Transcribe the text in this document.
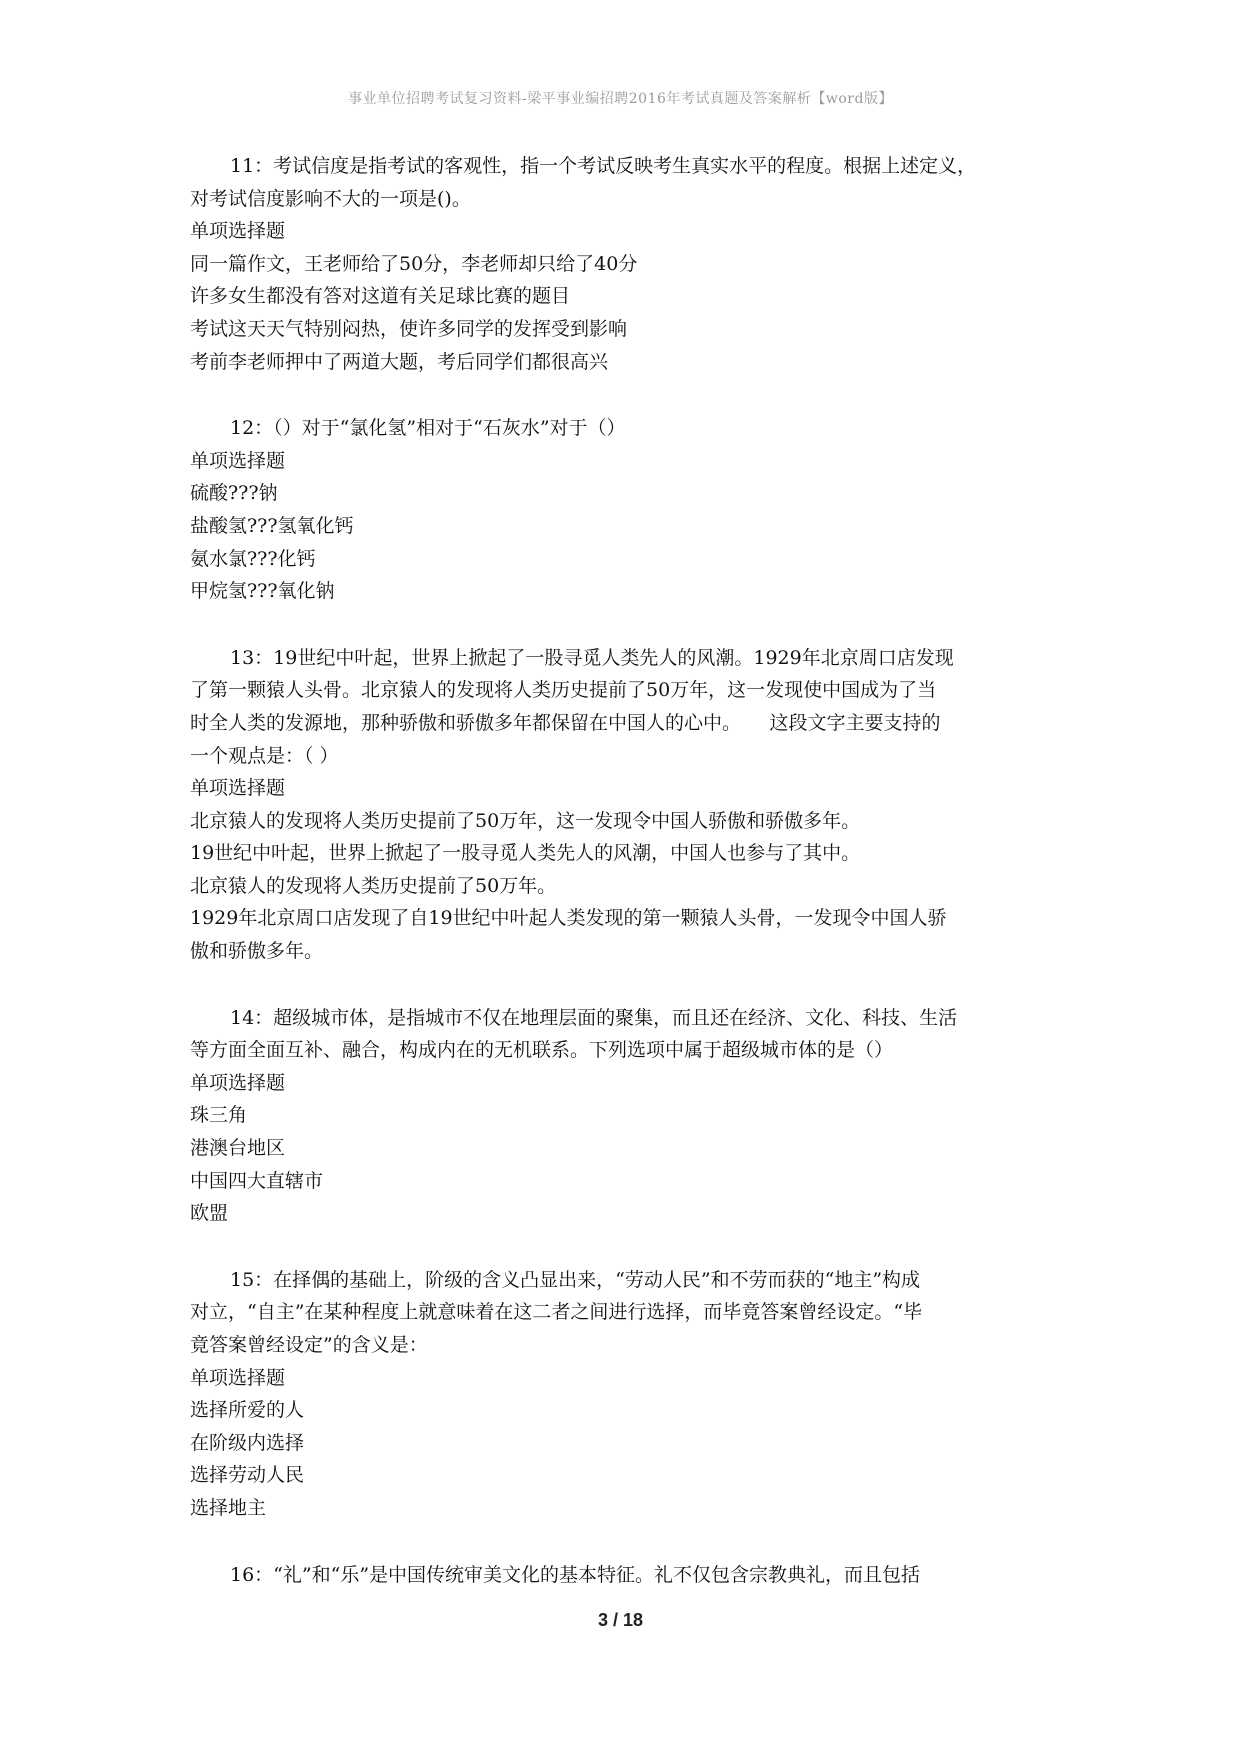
事业单位招聘考试复习资料-梁平事业编招聘2016年考试真题及答案解析【word版】
11：考试信度是指考试的客观性，指一个考试反映考生真实水平的程度。根据上述定义，
对考试信度影响不大的一项是()。
单项选择题
同一篇作文，王老师给了50分，李老师却只给了40分
许多女生都没有答对这道有关足球比赛的题目
考试这天天气特别闷热，使许多同学的发挥受到影响
考前李老师押中了两道大题，考后同学们都很高兴
12：（）对于“氯化氢”相对于“石灰水”对于（）
单项选择题
硫酸???钠
盐酸氢???氢氧化钙
氨水氯???化钙
甲烷氢???氧化钠
13：19世纪中叶起，世界上掀起了一股寻觅人类先人的风潮。1929年北京周口店发现
了第一颗猿人头骨。北京猿人的发现将人类历史提前了50万年，这一发现使中国成为了当
时全人类的发源地，那种骄傲和骄傲多年都保留在中国人的心中。　　这段文字主要支持的
一个观点是：（ ）
单项选择题
北京猿人的发现将人类历史提前了50万年，这一发现令中国人骄傲和骄傲多年。
19世纪中叶起，世界上掀起了一股寻觅人类先人的风潮，中国人也参与了其中。
北京猿人的发现将人类历史提前了50万年。
1929年北京周口店发现了自19世纪中叶起人类发现的第一颗猿人头骨，一发现令中国人骄
傲和骄傲多年。
14：超级城市体，是指城市不仅在地理层面的聚集，而且还在经济、文化、科技、生活
等方面全面互补、融合，构成内在的无机联系。下列选项中属于超级城市体的是（）
单项选择题
珠三角
港澳台地区
中国四大直辖市
欧盟
15：在择偶的基础上，阶级的含义凸显出来，“劳动人民”和不劳而获的“地主”构成
对立，“自主”在某种程度上就意味着在这二者之间进行选择，而毕竟答案曾经设定。“毕
竟答案曾经设定”的含义是：
单项选择题
选择所爱的人
在阶级内选择
选择劳动人民
选择地主
16：“礼”和“乐”是中国传统审美文化的基本特征。礼不仅包含宗教典礼，而且包括
3 / 18
